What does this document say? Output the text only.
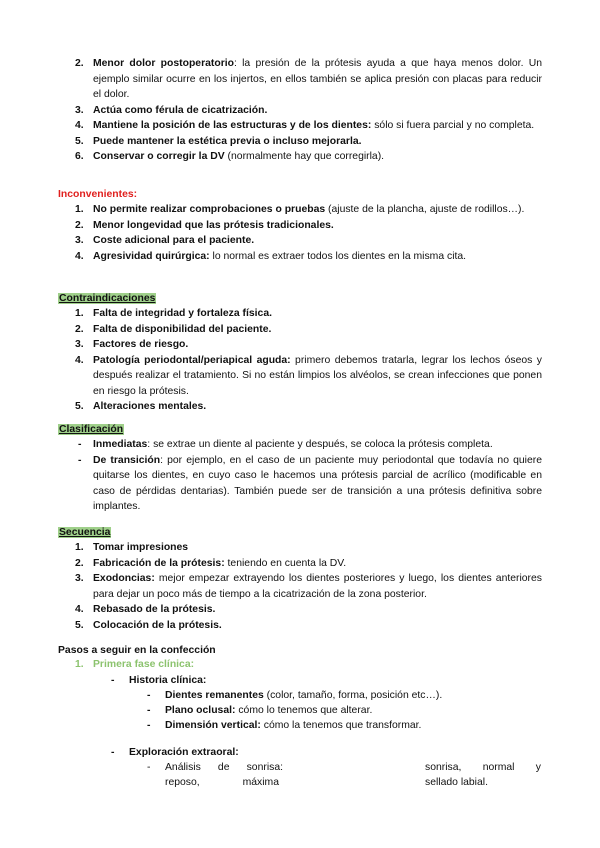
2. Menor dolor postoperatorio: la presión de la prótesis ayuda a que haya menos dolor. Un ejemplo similar ocurre en los injertos, en ellos también se aplica presión con placas para reducir el dolor.
3. Actúa como férula de cicatrización.
4. Mantiene la posición de las estructuras y de los dientes: sólo si fuera parcial y no completa.
5. Puede mantener la estética previa o incluso mejorarla.
6. Conservar o corregir la DV (normalmente hay que corregirla).
Inconvenientes:
1. No permite realizar comprobaciones o pruebas (ajuste de la plancha, ajuste de rodillos…).
2. Menor longevidad que las prótesis tradicionales.
3. Coste adicional para el paciente.
4. Agresividad quirúrgica: lo normal es extraer todos los dientes en la misma cita.
Contraindicaciones
1. Falta de integridad y fortaleza física.
2. Falta de disponibilidad del paciente.
3. Factores de riesgo.
4. Patología periodontal/periapical aguda: primero debemos tratarla, legrar los lechos óseos y después realizar el tratamiento. Si no están limpios los alvéolos, se crean infecciones que ponen en riesgo la prótesis.
5. Alteraciones mentales.
Clasificación
- Inmediatas: se extrae un diente al paciente y después, se coloca la prótesis completa.
- De transición: por ejemplo, en el caso de un paciente muy periodontal que todavía no quiere quitarse los dientes, en cuyo caso le hacemos una prótesis parcial de acrílico (modificable en caso de pérdidas dentarias). También puede ser de transición a una prótesis definitiva sobre implantes.
Secuencia
1. Tomar impresiones
2. Fabricación de la prótesis: teniendo en cuenta la DV.
3. Exodoncias: mejor empezar extrayendo los dientes posteriores y luego, los dientes anteriores para dejar un poco más de tiempo a la cicatrización de la zona posterior.
4. Rebasado de la prótesis.
5. Colocación de la prótesis.
Pasos a seguir en la confección
1. Primera fase clínica:
- Historia clínica:
- Dientes remanentes (color, tamaño, forma, posición etc…).
- Plano oclusal: cómo lo tenemos que alterar.
- Dimensión vertical: cómo la tenemos que transformar.
- Exploración extraoral:
- Análisis de sonrisa:	sonrisa, normal y
reposo, máxima	sellado labial.
